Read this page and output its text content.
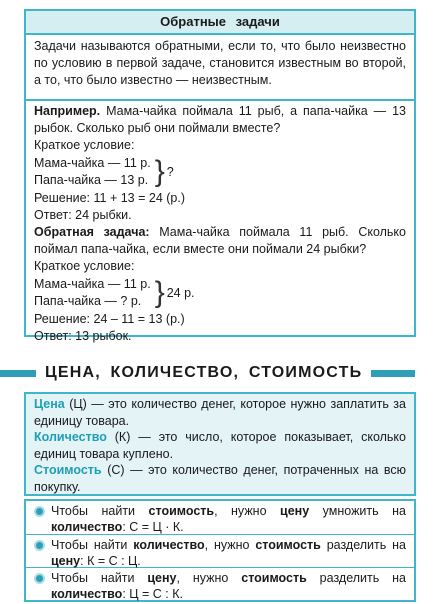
Обратные задачи
Задачи называются обратными, если то, что было неизвестно по условию в первой задаче, становится известным во второй, а то, что было известно — неизвестным.
Например. Мама-чайка поймала 11 рыб, а папа-чайка — 13 рыбок. Сколько рыб они поймали вместе?
Краткое условие:
Мама-чайка — 11 р.
Папа-чайка — 13 р. } ?
Решение: 11 + 13 = 24 (р.)
Ответ: 24 рыбки.
Обратная задача: Мама-чайка поймала 11 рыб. Сколько поймал папа-чайка, если вместе они поймали 24 рыбки?
Краткое условие:
Мама-чайка — 11 р.
Папа-чайка — ? р. } 24 р.
Решение: 24 – 11 = 13 (р.)
Ответ: 13 рыбок.
ЦЕНА, КОЛИЧЕСТВО, СТОИМОСТЬ
Цена (Ц) — это количество денег, которое нужно заплатить за единицу товара.
Количество (К) — это число, которое показывает, сколько единиц товара куплено.
Стоимость (С) — это количество денег, потраченных на всю покупку.
Чтобы найти стоимость, нужно цену умножить на количество: С = Ц · К.
Чтобы найти количество, нужно стоимость разделить на цену: К = С : Ц.
Чтобы найти цену, нужно стоимость разделить на количество: Ц = С : К.
